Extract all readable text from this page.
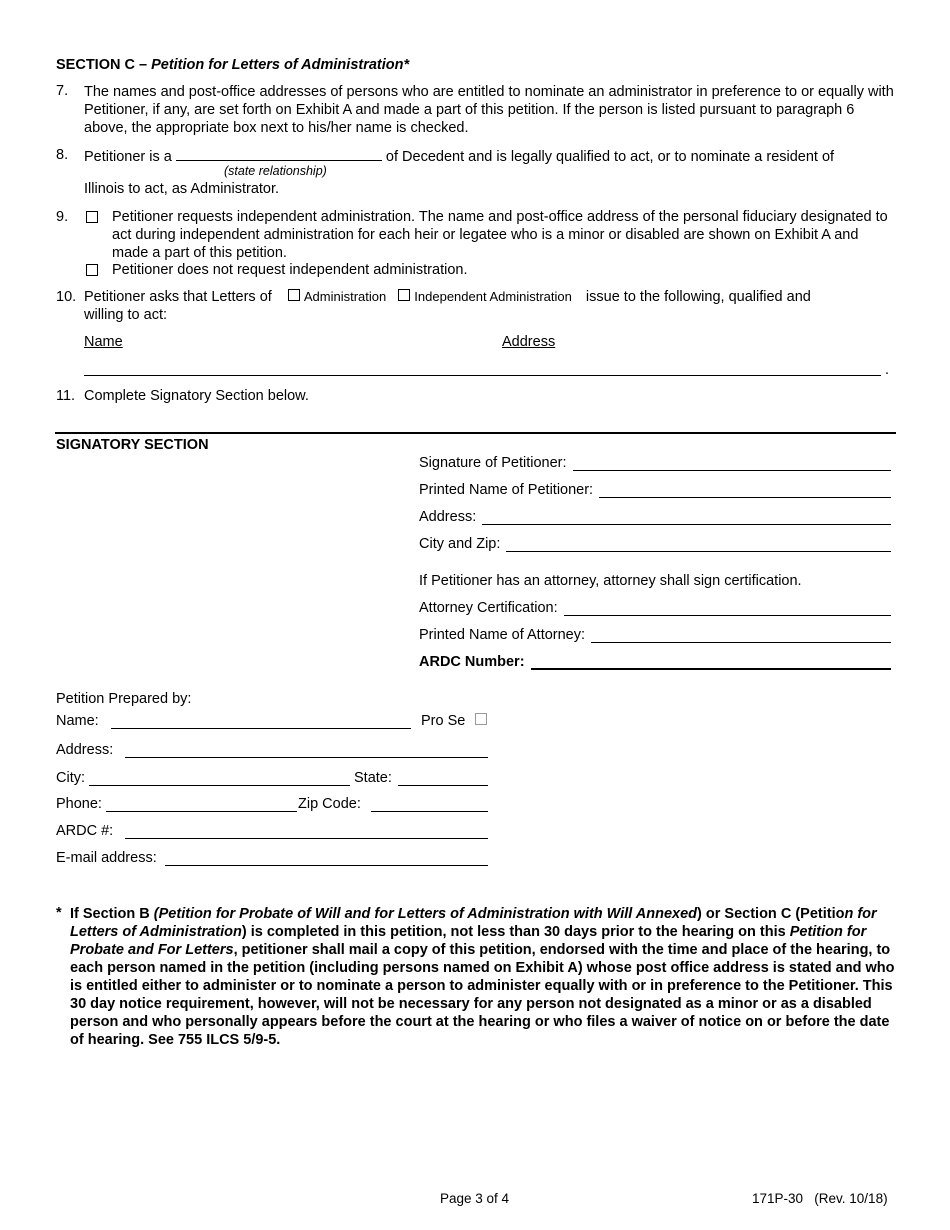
SECTION C – Petition for Letters of Administration*
7. The names and post-office addresses of persons who are entitled to nominate an administrator in preference to or equally with Petitioner, if any, are set forth on Exhibit A and made a part of this petition. If the person is listed pursuant to paragraph 6 above, the appropriate box next to his/her name is checked.
8. Petitioner is a	of Decedent and is legally qualified to act, or to nominate a resident of
(state relationship)
Illinois to act, as Administrator.
9.	Petitioner requests independent administration. The name and post-office address of the personal fiduciary designated to act during independent administration for each heir or legatee who is a minor or disabled are shown on Exhibit A and made a part of this petition.
Petitioner does not request independent administration.
10. Petitioner asks that Letters of Administration Independent Administration issue to the following, qualified and
willing to act:
Name	Address
.
11. Complete Signatory Section below.
SIGNATORY SECTION
Signature of Petitioner:
Printed Name of Petitioner:
Address:
City and Zip:
If Petitioner has an attorney, attorney shall sign certification.
Attorney Certification:
Printed Name of Attorney:
ARDC Number:
Petition Prepared by:
Name:	Pro Se
Address:
City:	State:
Phone:	Zip Code:
ARDC #:
E-mail address:
* If Section B (Petition for Probate of Will and for Letters of Administration with Will Annexed) or Section C (Petition for Letters of Administration) is completed in this petition, not less than 30 days prior to the hearing on this Petition for Probate and For Letters, petitioner shall mail a copy of this petition, endorsed with the time and place of the hearing, to each person named in the petition (including persons named on Exhibit A) whose post office address is stated and who is entitled either to administer or to nominate a person to administer equally with or in preference to the Petitioner. This 30 day notice requirement, however, will not be necessary for any person not designated as a minor or as a disabled person and who personally appears before the court at the hearing or who files a waiver of notice on or before the date of hearing. See 755 ILCS 5/9-5.
Page 3 of 4	171P-30   (Rev. 10/18)
